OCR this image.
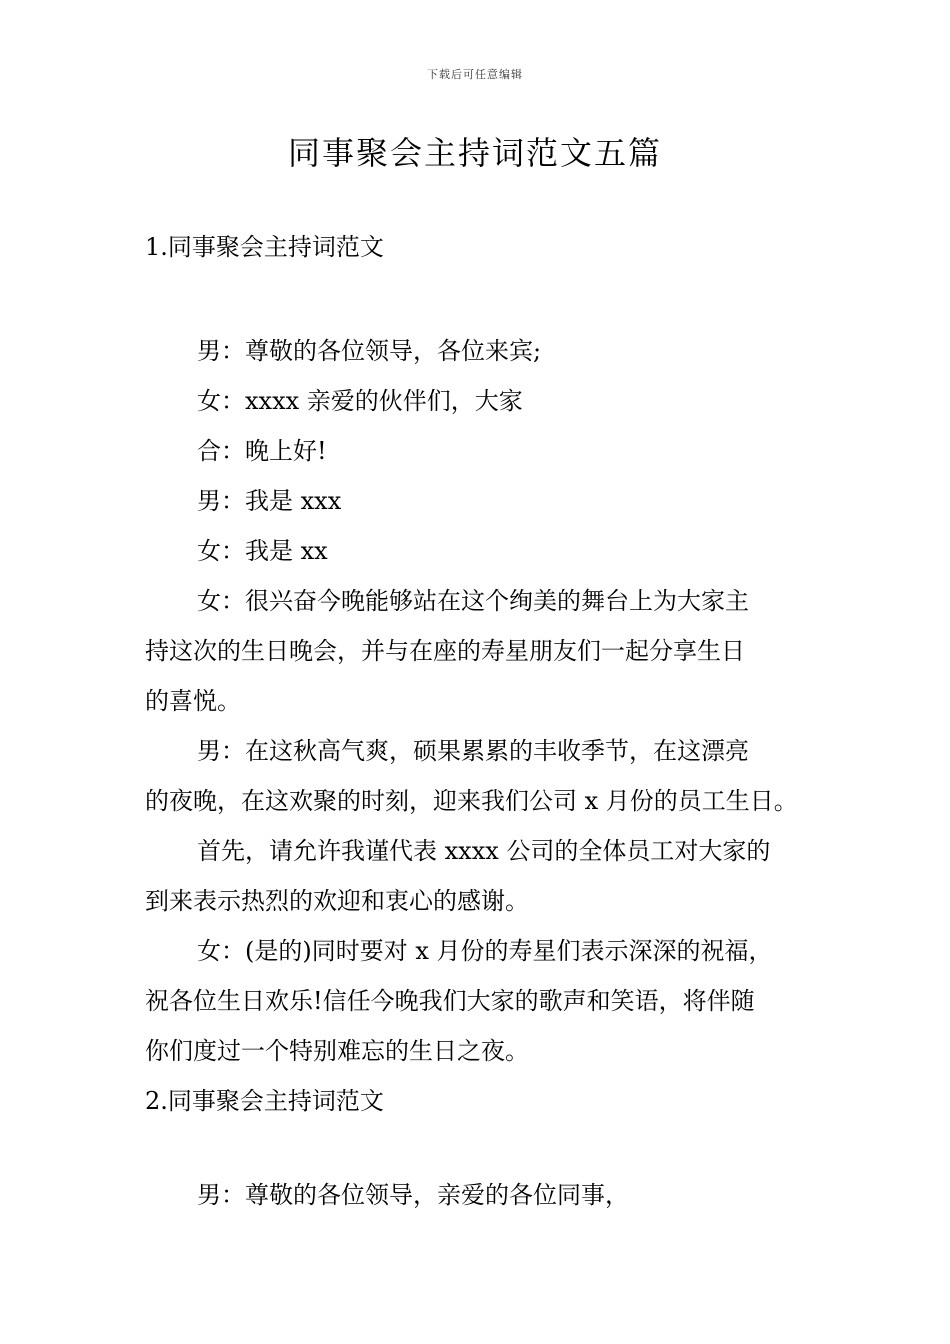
下载后可任意编辑
同事聚会主持词范文五篇
1.同事聚会主持词范文
男：尊敬的各位领导，各位来宾;
女：xxxx 亲爱的伙伴们，大家
合：晚上好!
男：我是 xxx
女：我是 xx
女：很兴奋今晚能够站在这个绚美的舞台上为大家主
持这次的生日晚会，并与在座的寿星朋友们一起分享生日
的喜悦。
男：在这秋高气爽，硕果累累的丰收季节，在这漂亮
的夜晚，在这欢聚的时刻，迎来我们公司 x 月份的员工生日。
首先，请允许我谨代表 xxxx 公司的全体员工对大家的
到来表示热烈的欢迎和衷心的感谢。
女：(是的)同时要对 x 月份的寿星们表示深深的祝福，
祝各位生日欢乐!信任今晚我们大家的歌声和笑语，将伴随
你们度过一个特别难忘的生日之夜。
2.同事聚会主持词范文
男：尊敬的各位领导，亲爱的各位同事，
